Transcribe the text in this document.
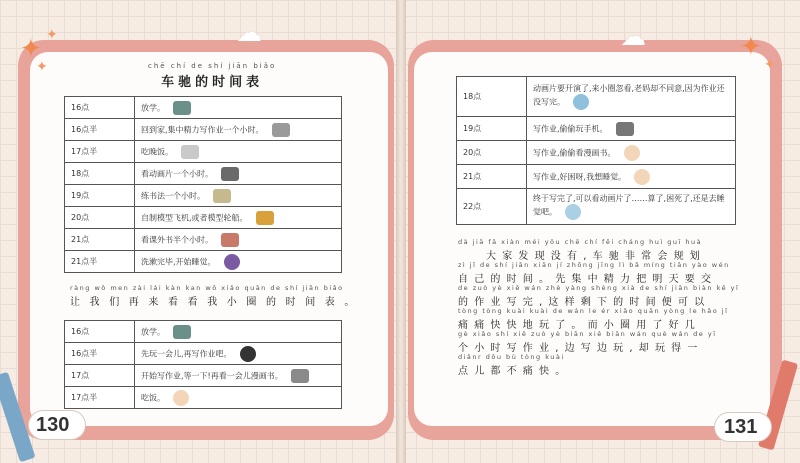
✦ ✦
✦
☁
130
chē chí de shí jiān biǎo
车驰的时间表
16点	放学。
16点半	回到家,集中精力写作业一个小时。
17点半	吃晚饭。
18点	看动画片一个小时。
19点	练书法一个小时。
20点	自制模型飞机,或者模型轮船。
21点	看课外书半个小时。
21点半	洗漱完毕,开始睡觉。
ràng wǒ men zài lái kàn kan wǒ xiǎo quān de shí jiān biǎo
让我们再来看看我小圈的时间表。
16点	放学。
16点半	先玩一会儿,再写作业吧。
17点	开始写作业,等一下!再看一会儿漫画书。
17点半	吃饭。
✦
✦
☁
131
18点	动画片要开演了,来小圈忽看,老妈却不同意,因为作业还没写完。
19点	写作业,偷偷玩手机。
20点	写作业,偷偷看漫画书。
21点	写作业,好困呀,我想睡觉。
22点	终于写完了,可以看动画片了……算了,困死了,还是去睡觉吧。
dà jiā fā xiàn méi yǒu chē chí fēi cháng huì guī huà
大家发现没有,车驰非常会规划
zì jǐ de shí jiān xiān jí zhōng jīng lì bǎ míng tiān yào wén
自己的时间。先集中精力把明天要交
de zuò yè xiě wán zhè yàng shèng xià de shí jiān biàn kě yǐ
的作业写完,这样剩下的时间便可以
tòng tòng kuài kuài de wán le ér xiǎo quān yòng le hǎo jǐ
痛痛快快地玩了。而小圈用了好几
gè xiǎo shí xiě zuò yè biān xiě biān wán què wán de yī
个小时写作业,边写边玩,却玩得一
diǎnr dōu bù tòng kuài
点儿都不痛快。
